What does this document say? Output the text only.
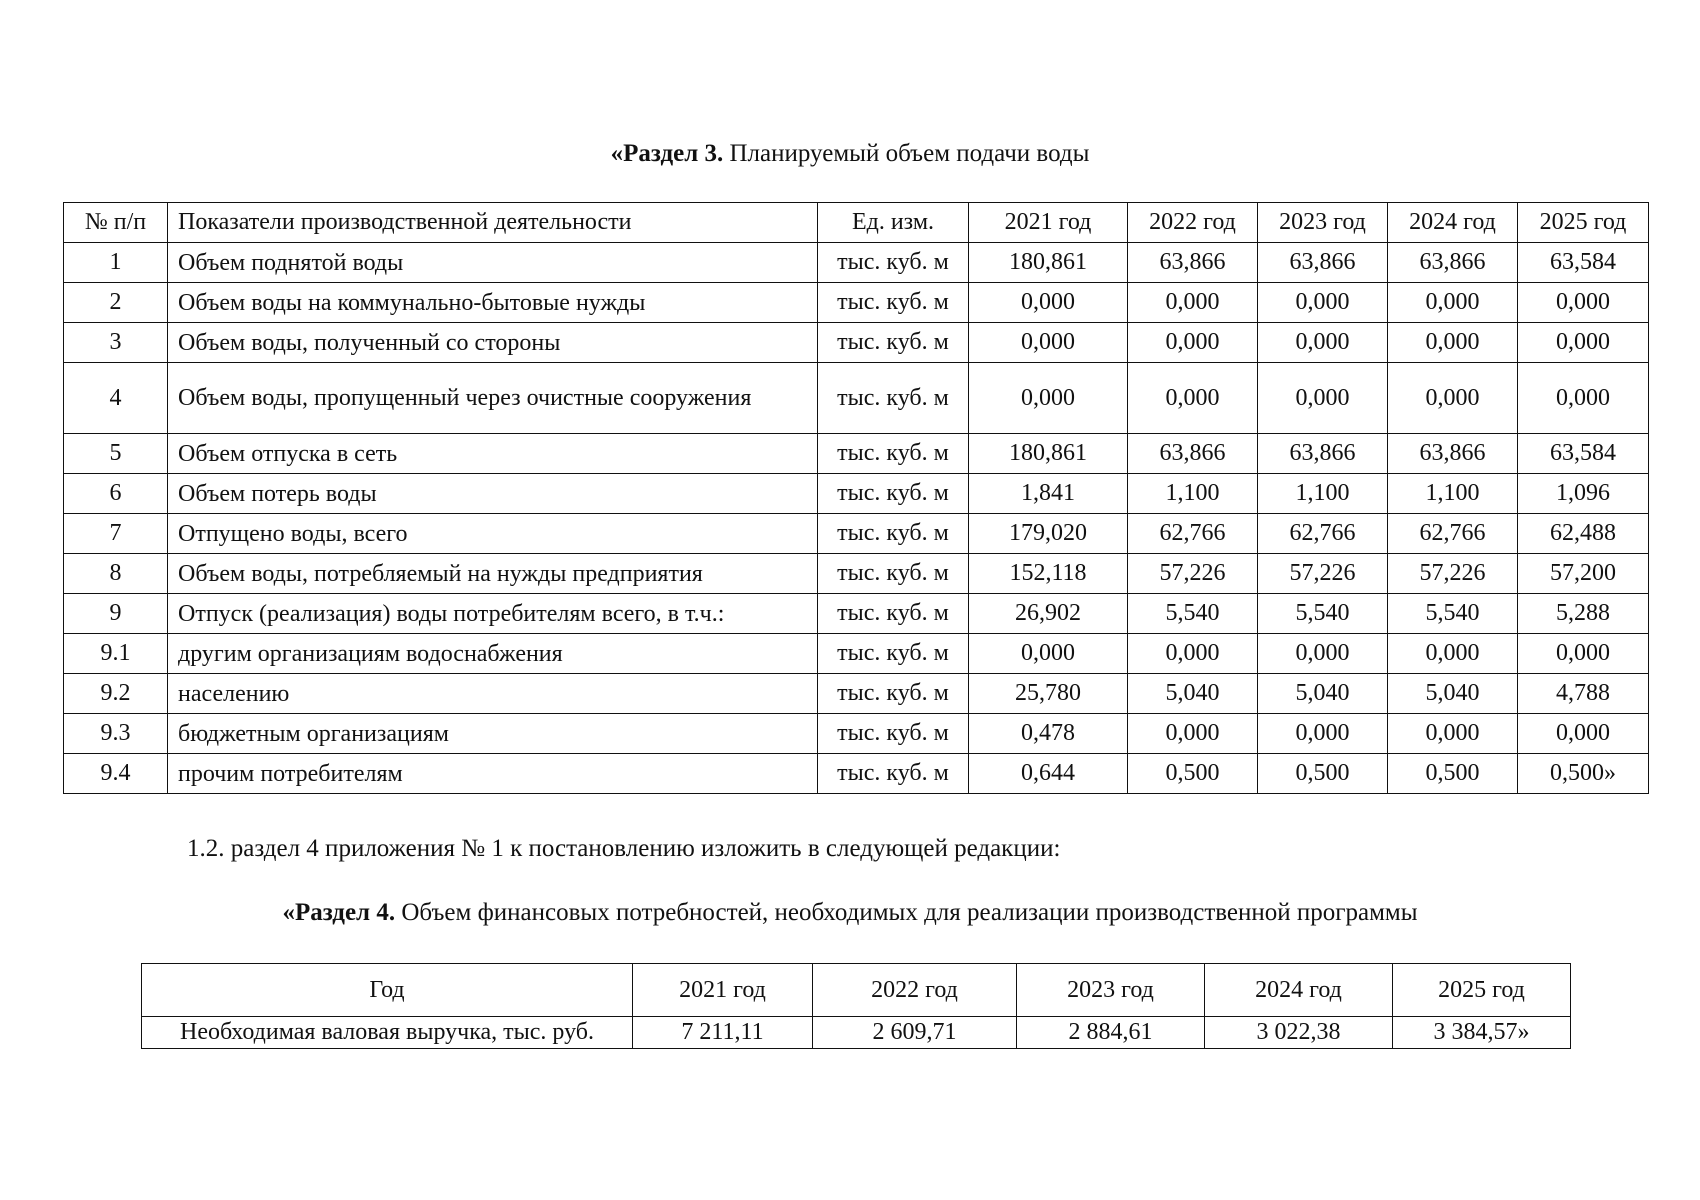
«Раздел 3. Планируемый объем подачи воды
№ п/п	Показатели производственной деятельности	Ед. изм.	2021 год	2022 год	2023 год	2024 год	2025 год
1	Объем поднятой воды	тыс. куб. м	180,861	63,866	63,866	63,866	63,584
2	Объем воды на коммунально-бытовые нужды	тыс. куб. м	0,000	0,000	0,000	0,000	0,000
3	Объем воды, полученный со стороны	тыс. куб. м	0,000	0,000	0,000	0,000	0,000
4	Объем воды, пропущенный через очистные сооружения	тыс. куб. м	0,000	0,000	0,000	0,000	0,000
5	Объем отпуска в сеть	тыс. куб. м	180,861	63,866	63,866	63,866	63,584
6	Объем потерь воды	тыс. куб. м	1,841	1,100	1,100	1,100	1,096
7	Отпущено воды, всего	тыс. куб. м	179,020	62,766	62,766	62,766	62,488
8	Объем воды, потребляемый на нужды предприятия	тыс. куб. м	152,118	57,226	57,226	57,226	57,200
9	Отпуск (реализация) воды потребителям всего, в т.ч.:	тыс. куб. м	26,902	5,540	5,540	5,540	5,288
9.1	другим организациям водоснабжения	тыс. куб. м	0,000	0,000	0,000	0,000	0,000
9.2	населению	тыс. куб. м	25,780	5,040	5,040	5,040	4,788
9.3	бюджетным организациям	тыс. куб. м	0,478	0,000	0,000	0,000	0,000
9.4	прочим потребителям	тыс. куб. м	0,644	0,500	0,500	0,500	0,500»
1.2. раздел 4 приложения № 1 к постановлению изложить в следующей редакции:
«Раздел 4. Объем финансовых потребностей, необходимых для реализации производственной программы
Год	2021 год	2022 год	2023 год	2024 год	2025 год
Необходимая валовая выручка, тыс. руб.	7 211,11	2 609,71	2 884,61	3 022,38	3 384,57»
